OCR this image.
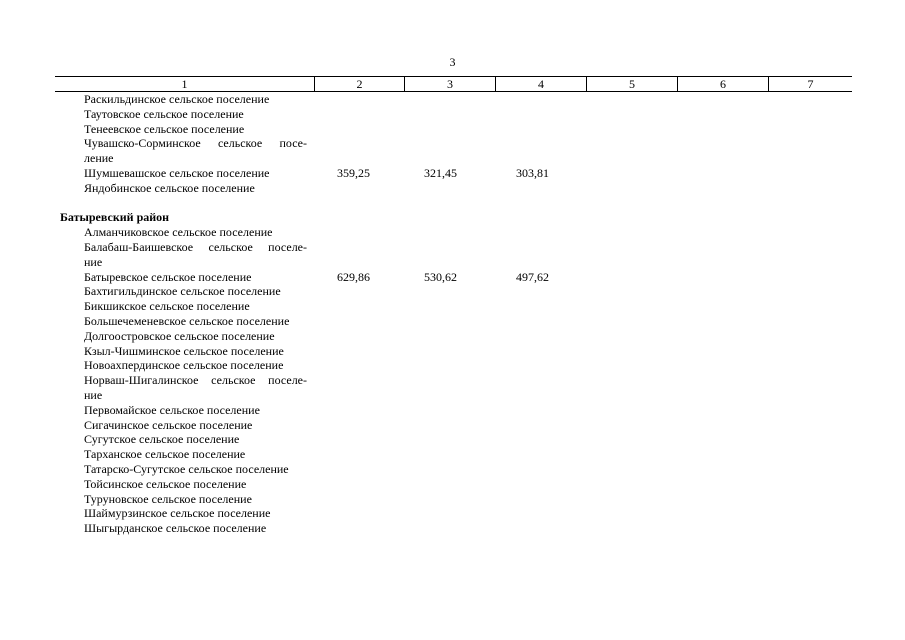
3
1	2	3	4	5	6	7
Раскильдинское сельское поселение
Таутовское сельское поселение
Тенеевское сельское поселение
Чувашско-Сорминское сельское посе-
ление
Шумшевашское сельское поселение	359,25	321,45	303,81
Яндобинское сельское поселение
Батыревский район
Алманчиковское сельское поселение
Балабаш-Баишевское сельское поселе-
ние
Батыревское сельское поселение	629,86	530,62	497,62
Бахтигильдинское сельское поселение
Бикшикское сельское поселение
Большечеменевское сельское поселение
Долгоостровское сельское поселение
Кзыл-Чишминское сельское поселение
Новоахпердинское сельское поселение
Норваш-Шигалинское сельское поселе-
ние
Первомайское сельское поселение
Сигачинское сельское поселение
Сугутское сельское поселение
Тарханское сельское поселение
Татарско-Сугутское сельское поселение
Тойсинское сельское поселение
Туруновское сельское поселение
Шаймурзинское сельское поселение
Шыгырданское сельское поселение
